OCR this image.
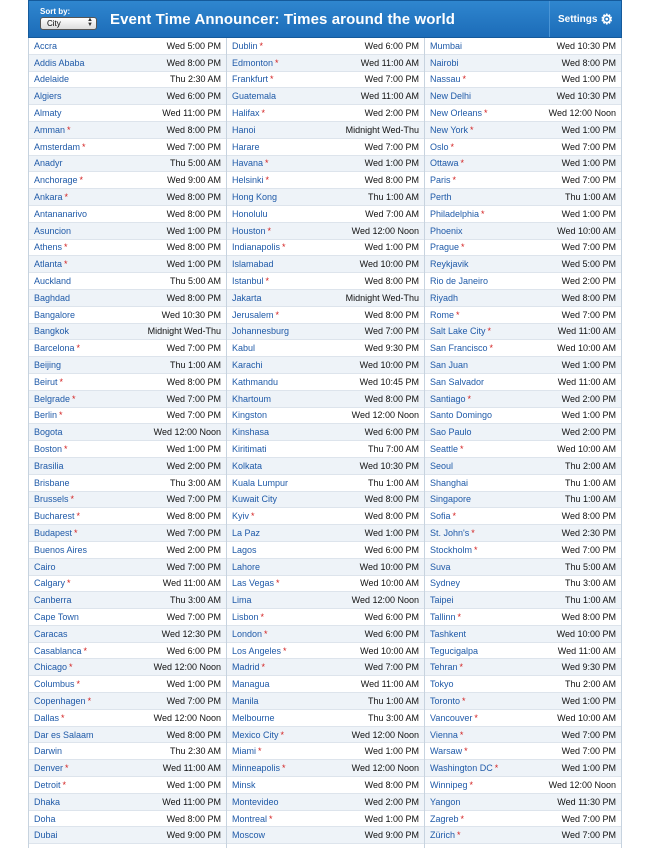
Sort by:
City	▲
▼ Event Time Announcer: Times around the world	Settings ⚙
Accra	Wed 5:00 PM
Addis Ababa	Wed 8:00 PM
Adelaide	Thu 2:30 AM
Algiers	Wed 6:00 PM
Almaty	Wed 11:00 PM
Amman *	Wed 8:00 PM
Amsterdam *	Wed 7:00 PM
Anadyr	Thu 5:00 AM
Anchorage *	Wed 9:00 AM
Ankara *	Wed 8:00 PM
Antananarivo	Wed 8:00 PM
Asuncion	Wed 1:00 PM
Athens *	Wed 8:00 PM
Atlanta *	Wed 1:00 PM
Auckland	Thu 5:00 AM
Baghdad	Wed 8:00 PM
Bangalore	Wed 10:30 PM
Bangkok	Midnight Wed-Thu
Barcelona *	Wed 7:00 PM
Beijing	Thu 1:00 AM
Beirut *	Wed 8:00 PM
Belgrade *	Wed 7:00 PM
Berlin *	Wed 7:00 PM
Bogota	Wed 12:00 Noon
Boston *	Wed 1:00 PM
Brasilia	Wed 2:00 PM
Brisbane	Thu 3:00 AM
Brussels *	Wed 7:00 PM
Bucharest *	Wed 8:00 PM
Budapest *	Wed 7:00 PM
Buenos Aires	Wed 2:00 PM
Cairo	Wed 7:00 PM
Calgary *	Wed 11:00 AM
Canberra	Thu 3:00 AM
Cape Town	Wed 7:00 PM
Caracas	Wed 12:30 PM
Casablanca *	Wed 6:00 PM
Chicago *	Wed 12:00 Noon
Columbus *	Wed 1:00 PM
Copenhagen *	Wed 7:00 PM
Dallas *	Wed 12:00 Noon
Dar es Salaam	Wed 8:00 PM
Darwin	Thu 2:30 AM
Denver *	Wed 11:00 AM
Detroit *	Wed 1:00 PM
Dhaka	Wed 11:00 PM
Doha	Wed 8:00 PM
Dubai	Wed 9:00 PM
Dublin *	Wed 6:00 PM
Edmonton *	Wed 11:00 AM
Frankfurt *	Wed 7:00 PM
Guatemala	Wed 11:00 AM
Halifax *	Wed 2:00 PM
Hanoi	Midnight Wed-Thu
Harare	Wed 7:00 PM
Havana *	Wed 1:00 PM
Helsinki *	Wed 8:00 PM
Hong Kong	Thu 1:00 AM
Honolulu	Wed 7:00 AM
Houston *	Wed 12:00 Noon
Indianapolis *	Wed 1:00 PM
Islamabad	Wed 10:00 PM
Istanbul *	Wed 8:00 PM
Jakarta	Midnight Wed-Thu
Jerusalem *	Wed 8:00 PM
Johannesburg	Wed 7:00 PM
Kabul	Wed 9:30 PM
Karachi	Wed 10:00 PM
Kathmandu	Wed 10:45 PM
Khartoum	Wed 8:00 PM
Kingston	Wed 12:00 Noon
Kinshasa	Wed 6:00 PM
Kiritimati	Thu 7:00 AM
Kolkata	Wed 10:30 PM
Kuala Lumpur	Thu 1:00 AM
Kuwait City	Wed 8:00 PM
Kyiv *	Wed 8:00 PM
La Paz	Wed 1:00 PM
Lagos	Wed 6:00 PM
Lahore	Wed 10:00 PM
Las Vegas *	Wed 10:00 AM
Lima	Wed 12:00 Noon
Lisbon *	Wed 6:00 PM
London *	Wed 6:00 PM
Los Angeles *	Wed 10:00 AM
Madrid *	Wed 7:00 PM
Managua	Wed 11:00 AM
Manila	Thu 1:00 AM
Melbourne	Thu 3:00 AM
Mexico City *	Wed 12:00 Noon
Miami *	Wed 1:00 PM
Minneapolis *	Wed 12:00 Noon
Minsk	Wed 8:00 PM
Montevideo	Wed 2:00 PM
Montreal *	Wed 1:00 PM
Moscow	Wed 9:00 PM
Mumbai	Wed 10:30 PM
Nairobi	Wed 8:00 PM
Nassau *	Wed 1:00 PM
New Delhi	Wed 10:30 PM
New Orleans *	Wed 12:00 Noon
New York *	Wed 1:00 PM
Oslo *	Wed 7:00 PM
Ottawa *	Wed 1:00 PM
Paris *	Wed 7:00 PM
Perth	Thu 1:00 AM
Philadelphia *	Wed 1:00 PM
Phoenix	Wed 10:00 AM
Prague *	Wed 7:00 PM
Reykjavik	Wed 5:00 PM
Rio de Janeiro	Wed 2:00 PM
Riyadh	Wed 8:00 PM
Rome *	Wed 7:00 PM
Salt Lake City *	Wed 11:00 AM
San Francisco *	Wed 10:00 AM
San Juan	Wed 1:00 PM
San Salvador	Wed 11:00 AM
Santiago *	Wed 2:00 PM
Santo Domingo	Wed 1:00 PM
Sao Paulo	Wed 2:00 PM
Seattle *	Wed 10:00 AM
Seoul	Thu 2:00 AM
Shanghai	Thu 1:00 AM
Singapore	Thu 1:00 AM
Sofia *	Wed 8:00 PM
St. John's *	Wed 2:30 PM
Stockholm *	Wed 7:00 PM
Suva	Thu 5:00 AM
Sydney	Thu 3:00 AM
Taipei	Thu 1:00 AM
Tallinn *	Wed 8:00 PM
Tashkent	Wed 10:00 PM
Tegucigalpa	Wed 11:00 AM
Tehran *	Wed 9:30 PM
Tokyo	Thu 2:00 AM
Toronto *	Wed 1:00 PM
Vancouver *	Wed 10:00 AM
Vienna *	Wed 7:00 PM
Warsaw *	Wed 7:00 PM
Washington DC *	Wed 1:00 PM
Winnipeg *	Wed 12:00 Noon
Yangon	Wed 11:30 PM
Zagreb *	Wed 7:00 PM
Zürich *	Wed 7:00 PM
